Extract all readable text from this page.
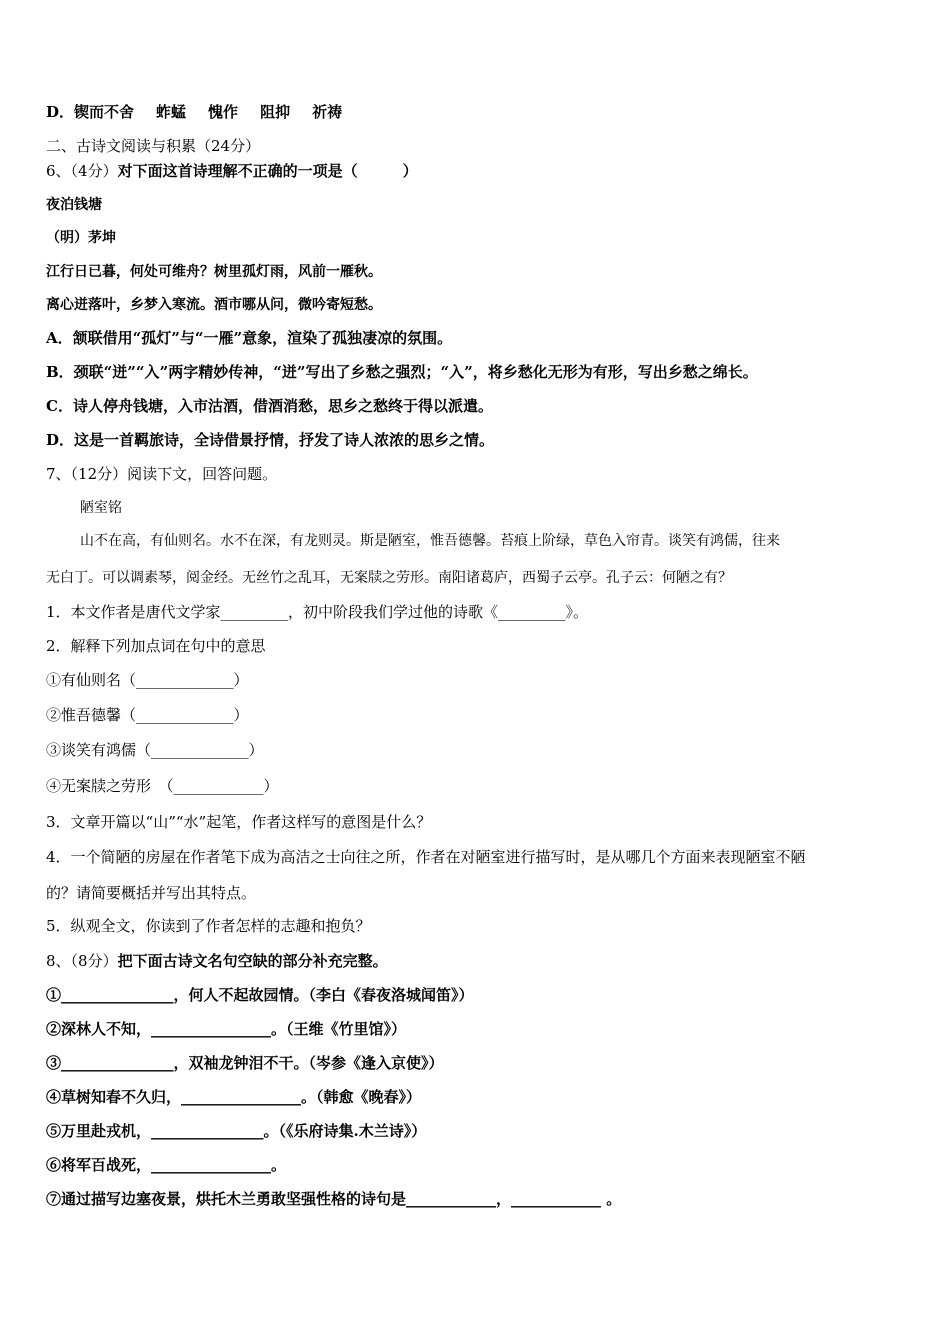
D．锲而不舍 蚱蜢 愧作 阻抑 祈祷
二、古诗文阅读与积累（24分）
6、（4分）对下面这首诗理解不正确的一项是（　　　）
夜泊钱塘
（明）茅坤
江行日已暮，何处可维舟？树里孤灯雨，风前一雁秋。
离心迸落叶，乡梦入寒流。酒市哪从问，微吟寄短愁。
A．颔联借用“孤灯”与“一雁”意象，渲染了孤独凄凉的氛围。
B．颈联“迸”“入”两字精妙传神，“迸”写出了乡愁之强烈；“入”，将乡愁化无形为有形，写出乡愁之绵长。
C．诗人停舟钱塘，入市沽酒，借酒消愁，思乡之愁终于得以派遣。
D．这是一首羁旅诗，全诗借景抒情，抒发了诗人浓浓的思乡之情。
7、（12分）阅读下文，回答问题。
陋室铭
山不在高，有仙则名。水不在深，有龙则灵。斯是陋室，惟吾德馨。苔痕上阶绿，草色入帘青。谈笑有鸿儒，往来
无白丁。可以调素琴，阅金经。无丝竹之乱耳，无案牍之劳形。南阳诸葛庐，西蜀子云亭。孔子云：何陋之有？
1．本文作者是唐代文学家_________，初中阶段我们学过他的诗歌《_________》。
2．解释下列加点词在句中的意思
①有仙则名（_____________）
②惟吾德馨（_____________）
③谈笑有鸿儒（_____________）
④无案牍之劳形　（____________）
3．文章开篇以“山”“水”起笔，作者这样写的意图是什么？
4．一个简陋的房屋在作者笔下成为高洁之士向往之所，作者在对陋室进行描写时，是从哪几个方面来表现陋室不陋
的？请简要概括并写出其特点。
5．纵观全文，你读到了作者怎样的志趣和抱负？
8、（8分）把下面古诗文名句空缺的部分补充完整。
①_______________，何人不起故园情。（李白《春夜洛城闻笛》）
②深林人不知，________________。（王维《竹里馆》）
③_______________，双袖龙钟泪不干。（岑参《逢入京使》）
④草树知春不久归，________________。（韩愈《晚春》）
⑤万里赴戎机，_______________。（《乐府诗集.木兰诗》）
⑥将军百战死，________________。
⑦通过描写边塞夜景，烘托木兰勇敢坚强性格的诗句是____________，____________ 。
